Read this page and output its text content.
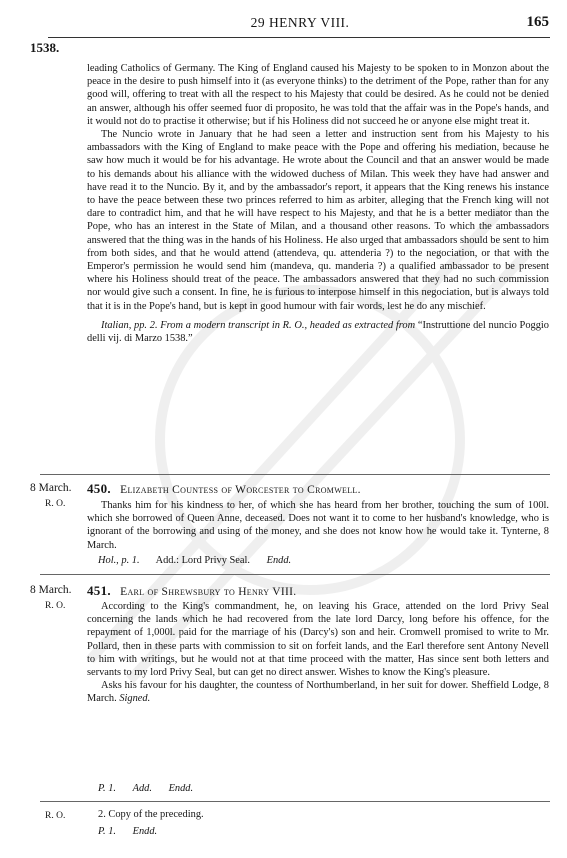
29 HENRY VIII.	165
1538.

leading Catholics of Germany. The King of England caused his Majesty to be spoken to in Monzon about the peace in the desire to push himself into it (as everyone thinks) to the detriment of the Pope, rather than for any good will, offering to treat with all the respect to his Majesty that could be desired. As he could not be denied an answer, although his offer seemed fuor di proposito, he was told that the affair was in the Pope's hands, and it would not do to practise it otherwise; but if his Holiness did not succeed he or anyone else might treat it.

The Nuncio wrote in January that he had seen a letter and instruction sent from his Majesty to his ambassadors with the King of England to make peace with the Pope and offering his mediation, because he saw how much it would be for his advantage. He wrote about the Council and that an answer would be made to his demands about his alliance with the widowed duchess of Milan. This week they have had answer and have read it to the Nuncio. By it, and by the ambassador's report, it appears that the King renews his instance to have the peace between these two princes referred to him as arbiter, alleging that the French king will not dare to contradict him, and that he will have respect to his Majesty, and that he is a better mediator than the Pope, who has an interest in the State of Milan, and a thousand other reasons. To which the ambassadors answered that the thing was in the hands of his Holiness. He also urged that ambassadors should be sent to him from both sides, and that he would attend (attendeva, qu. attenderia ?) to the negociation, or that with the Emperor's permission he would send him (mandeva, qu. manderia ?) a qualified ambassador to be present where his Holiness should treat of the peace. The ambassadors answered that they had no such commission nor would give such a consent. In fine, he is furious to interpose himself in this negociation, but is always told that it is in the Pope's hand, but is kept in good humour with fair words, lest he do any mischief.

Italian, pp. 2. From a modern transcript in R. O., headed as extracted from “Instruttione del nuncio Poggio delli vij. di Marzo 1538.”

8 March.
R. O.
450. Elizabeth Countess of Worcester to Cromwell.

Thanks him for his kindness to her, of which she has heard from her brother, touching the sum of 100l. which she borrowed of Queen Anne, deceased. Does not want it to come to her husband's knowledge, who is ignorant of the borrowing and using of the money, and she does not know how he would take it. Tynterne, 8 March.

Hol., p. 1. Add.: Lord Privy Seal. Endd.
8 March.
R. O.
451. Earl of Shrewsbury to Henry VIII.

According to the King's commandment, he, on leaving his Grace, attended on the lord Privy Seal concerning the lands which he had recovered from the late lord Darcy, long before his offence, for the repayment of 1,000l. paid for the marriage of his (Darcy's) son and heir. Cromwell promised to write to Mr. Pollard, then in these parts with commission to sit on forfeit lands, and the Earl therefore sent Antony Nevell to him with writings, but he would not at that time proceed with the matter, Has since sent both letters and servants to my lord Privy Seal, but can get no direct answer. Wishes to know the King's pleasure.

Asks his favour for his daughter, the countess of Northumberland, in her suit for dower. Sheffield Lodge, 8 March. Signed.

P. 1. Add. Endd.
R. O.	2. Copy of the preceding.
P. 1. Endd.
